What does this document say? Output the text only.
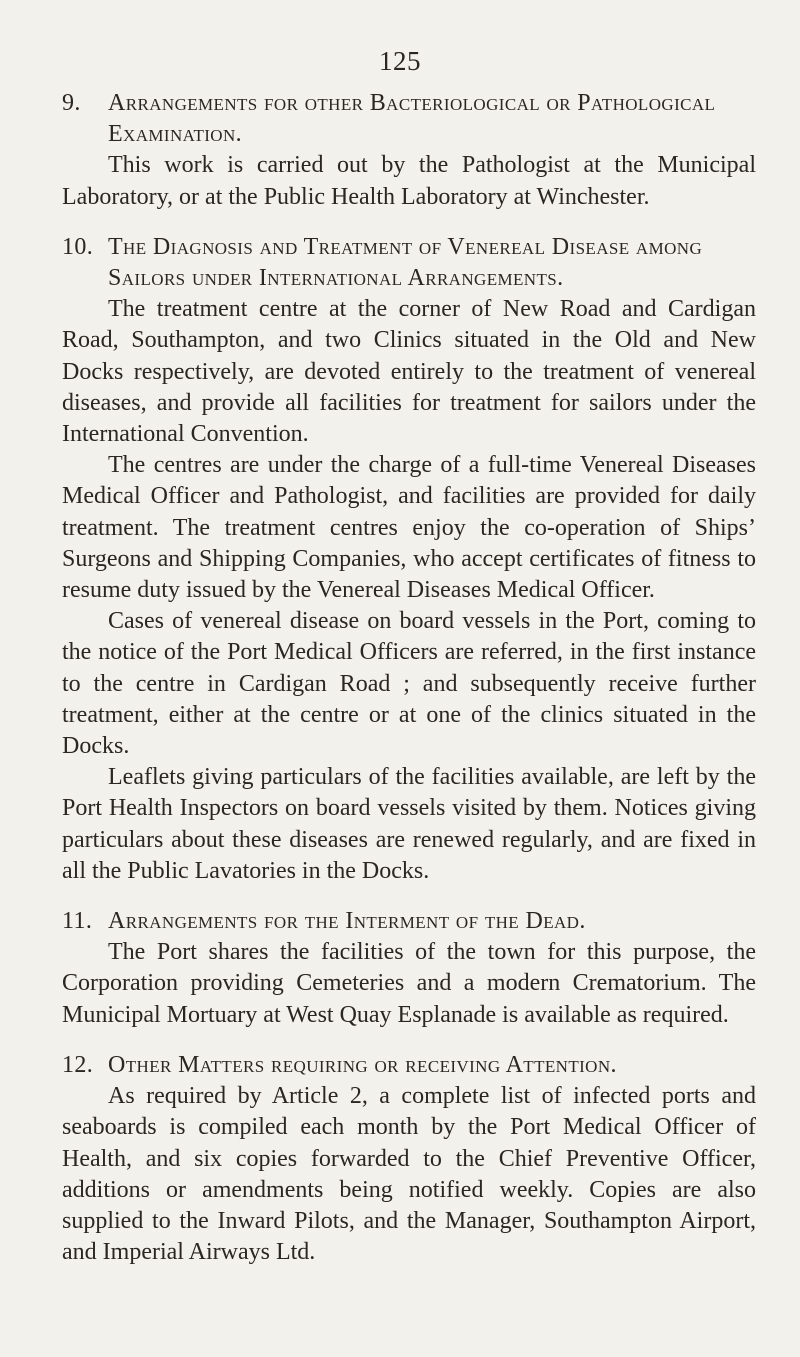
125

9. Arrangements for other Bacteriological or Pathological Examination.

This work is carried out by the Pathologist at the Municipal Laboratory, or at the Public Health Laboratory at Winchester.

10. The Diagnosis and Treatment of Venereal Disease among Sailors under International Arrangements.

The treatment centre at the corner of New Road and Cardigan Road, Southampton, and two Clinics situated in the Old and New Docks respectively, are devoted entirely to the treatment of venereal diseases, and provide all facilities for treatment for sailors under the International Convention.

The centres are under the charge of a full-time Venereal Diseases Medical Officer and Pathologist, and facilities are provided for daily treatment. The treatment centres enjoy the co-operation of Ships’ Surgeons and Shipping Companies, who accept certificates of fitness to resume duty issued by the Venereal Diseases Medical Officer.

Cases of venereal disease on board vessels in the Port, coming to the notice of the Port Medical Officers are referred, in the first instance to the centre in Cardigan Road ; and subsequently receive further treatment, either at the centre or at one of the clinics situated in the Docks.

Leaflets giving particulars of the facilities available, are left by the Port Health Inspectors on board vessels visited by them. Notices giving particulars about these diseases are renewed regularly, and are fixed in all the Public Lavatories in the Docks.

11. Arrangements for the Interment of the Dead.

The Port shares the facilities of the town for this purpose, the Corporation providing Cemeteries and a modern Crematorium. The Municipal Mortuary at West Quay Esplanade is available as required.

12. Other Matters requiring or receiving Attention.

As required by Article 2, a complete list of infected ports and seaboards is compiled each month by the Port Medical Officer of Health, and six copies forwarded to the Chief Preventive Officer, additions or amendments being notified weekly. Copies are also supplied to the Inward Pilots, and the Manager, Southampton Airport, and Imperial Airways Ltd.
